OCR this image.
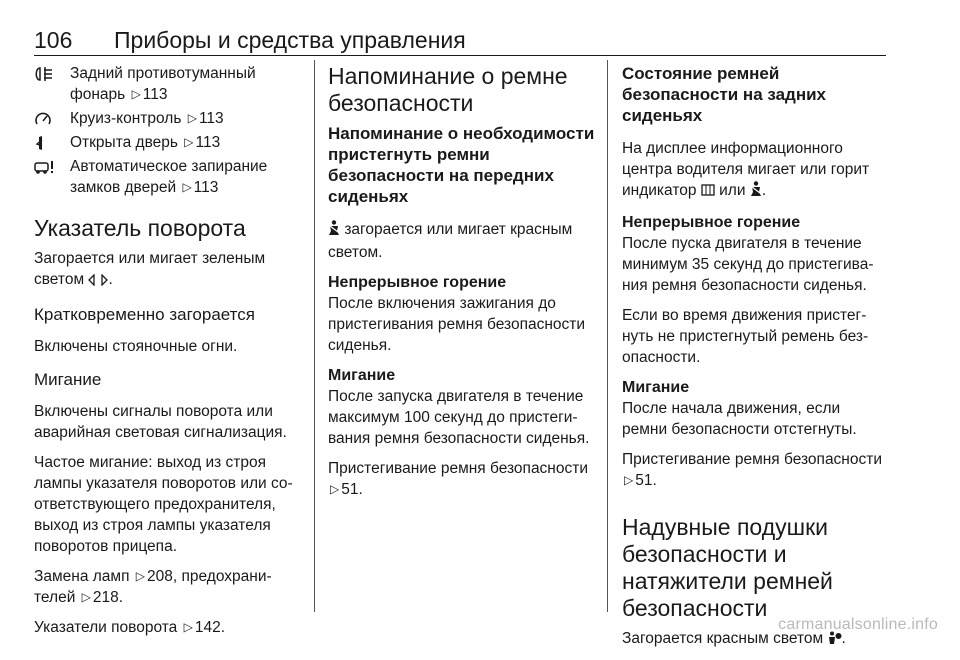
106 Приборы и средства управления
Задний противотуманный фонарь ▷ 113
Круиз-контроль ▷ 113
Открыта дверь ▷ 113
Автоматическое запирание замков дверей ▷ 113
Указатель поворота

Загорается или мигает зеленым светом .

Кратковременно загорается

Включены стояночные огни.

Мигание

Включены сигналы поворота или аварийная световая сигнализация.

Частое мигание: выход из строя лампы указателя поворотов или соответствующего предохранителя, выход из строя лампы указателя поворотов прицепа.

Замена ламп ▷ 208, предохранителей ▷ 218.

Указатели поворота ▷ 142.

Напоминание о ремне безопасности
Напоминание о необходимости пристегнуть ремни безопасности на передних сиденьях

загорается или мигает красным светом.

Непрерывное горение

После включения зажигания до пристегивания ремня безопасности сиденья.

Мигание

После запуска двигателя в течение максимум 100 секунд до пристегивания ремня безопасности сиденья.

Пристегивание ремня безопасности ▷ 51.

Состояние ремней безопасности на задних сиденьях

На дисплее информационного центра водителя мигает или горит индикатор или .

Непрерывное горение

После пуска двигателя в течение минимум 35 секунд до пристегивания ремня безопасности сиденья.

Если во время движения пристегнуть не пристегнутый ремень безопасности.

Мигание

После начала движения, если ремни безопасности отстегнуты.

Пристегивание ремня безопасности ▷ 51.

Надувные подушки безопасности и натяжители ремней безопасности

Загорается красным светом .

carmanualsonline.info
